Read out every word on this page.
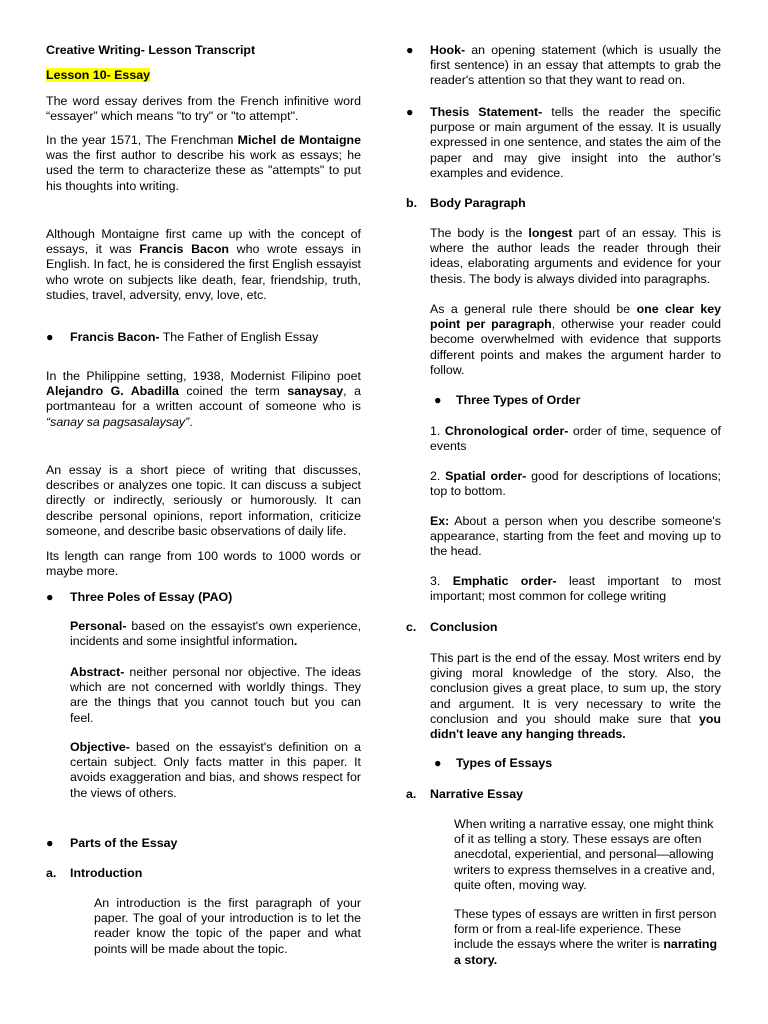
Creative Writing- Lesson Transcript

Lesson 10- Essay

The word essay derives from the French infinitive word “essayer” which means "to try" or "to attempt".

In the year 1571, The Frenchman Michel de Montaigne was the first author to describe his work as essays; he used the term to characterize these as "attempts" to put his thoughts into writing.

Although Montaigne first came up with the concept of essays, it was Francis Bacon who wrote essays in English. In fact, he is considered the first English essayist who wrote on subjects like death, fear, friendship, truth, studies, travel, adversity, envy, love, etc.

●	Francis Bacon- The Father of English Essay

In the Philippine setting, 1938, Modernist Filipino poet Alejandro G. Abadilla coined the term sanaysay, a portmanteau for a written account of someone who is “sanay sa pagsasalaysay”.

An essay is a short piece of writing that discusses, describes or analyzes one topic. It can discuss a subject directly or indirectly, seriously or humorously. It can describe personal opinions, report information, criticize someone, and describe basic observations of daily life.

Its length can range from 100 words to 1000 words or maybe more.

●	Three Poles of Essay (PAO)

Personal- based on the essayist's own experience, incidents and some insightful information.

Abstract- neither personal nor objective. The ideas which are not concerned with worldly things. They are the things that you cannot touch but you can feel.

Objective- based on the essayist's definition on a certain subject. Only facts matter in this paper. It avoids exaggeration and bias, and shows respect for the views of others.

●	Parts of the Essay
a.	Introduction

An introduction is the first paragraph of your paper. The goal of your introduction is to let the reader know the topic of the paper and what points will be made about the topic.

●	Hook- an opening statement (which is usually the first sentence) in an essay that attempts to grab the reader's attention so that they want to read on.
●	Thesis Statement- tells the reader the specific purpose or main argument of the essay. It is usually expressed in one sentence, and states the aim of the paper and may give insight into the author’s examples and evidence.
b.	Body Paragraph

The body is the longest part of an essay. This is where the author leads the reader through their ideas, elaborating arguments and evidence for your thesis. The body is always divided into paragraphs.

As a general rule there should be one clear key point per paragraph, otherwise your reader could become overwhelmed with evidence that supports different points and makes the argument harder to follow.

●	Three Types of Order

1. Chronological order- order of time, sequence of events

2. Spatial order- good for descriptions of locations; top to bottom.

Ex: About a person when you describe someone's appearance, starting from the feet and moving up to the head.

3. Emphatic order- least important to most important; most common for college writing

c.	Conclusion

This part is the end of the essay. Most writers end by giving moral knowledge of the story. Also, the conclusion gives a great place, to sum up, the story and argument. It is very necessary to write the conclusion and you should make sure that you didn't leave any hanging threads.

●	Types of Essays
a.	Narrative Essay

When writing a narrative essay, one might think of it as telling a story. These essays are often anecdotal, experiential, and personal—allowing writers to express themselves in a creative and, quite often, moving way.

These types of essays are written in first person form or from a real-life experience. These include the essays where the writer is narrating a story.
